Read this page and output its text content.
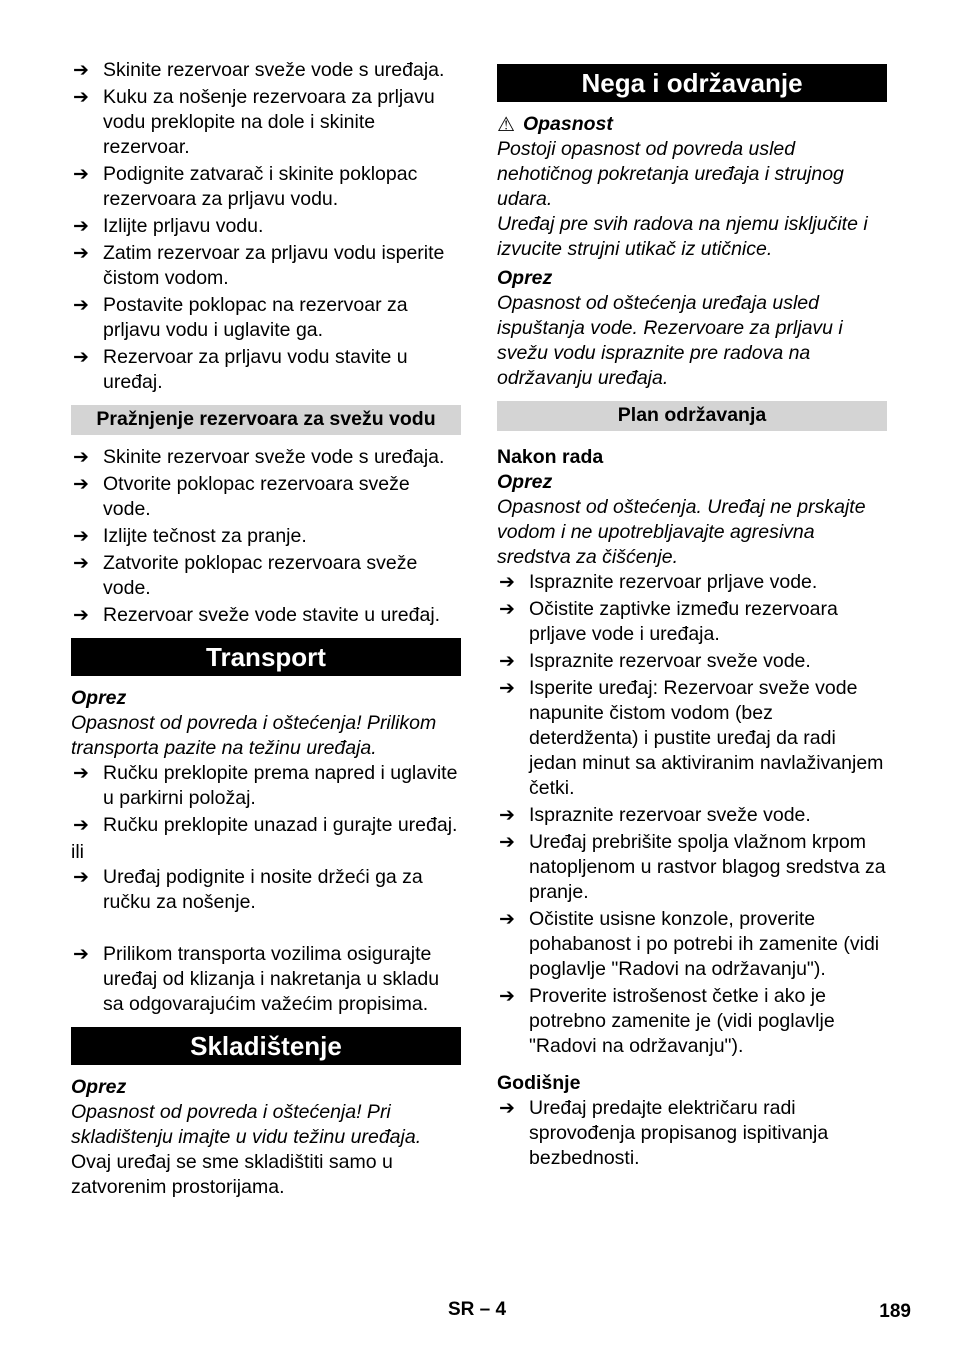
➔ Skinite rezervoar sveže vode s uređaja.
➔ Kuku za nošenje rezervoara za prljavu vodu preklopite na dole i skinite rezervoar.
➔ Podignite zatvarač i skinite poklopac rezervoara za prljavu vodu.
➔ Izlijte prljavu vodu.
➔ Zatim rezervoar za prljavu vodu isperite čistom vodom.
➔ Postavite poklopac na rezervoar za prljavu vodu i uglavite ga.
➔ Rezervoar za prljavu vodu stavite u uređaj.
Pražnjenje rezervoara za svežu vodu
➔ Skinite rezervoar sveže vode s uređaja.
➔ Otvorite poklopac rezervoara sveže vode.
➔ Izlijte tečnost za pranje.
➔ Zatvorite poklopac rezervoara sveže vode.
➔ Rezervoar sveže vode stavite u uređaj.
Transport

Oprez

Opasnost od povreda i oštećenja! Prilikom transporta pazite na težinu uređaja.

➔ Ručku preklopite prema napred i uglavite u parkirni položaj.
➔ Ručku preklopite unazad i gurajte uređaj.

ili

➔ Uređaj podignite i nosite držeći ga za ručku za nošenje.
➔ Prilikom transporta vozilima osigurajte uređaj od klizanja i nakretanja u skladu sa odgovarajućim važećim propisima.
Skladištenje

Oprez

Opasnost od povreda i oštećenja! Pri skladištenju imajte u vidu težinu uređaja.

Ovaj uređaj se sme skladištiti samo u zatvorenim prostorijama.

Nega i održavanje
⚠ Opasnost

Postoji opasnost od povreda usled nehotičnog pokretanja uređaja i strujnog udara.

Uređaj pre svih radova na njemu isključite i izvucite strujni utikač iz utičnice.

Oprez

Opasnost od oštećenja uređaja usled ispuštanja vode. Rezervoare za prljavu i svežu vodu ispraznite pre radova na održavanju uređaja.

Plan održavanja

Nakon rada

Oprez

Opasnost od oštećenja. Uređaj ne prskajte vodom i ne upotrebljavajte agresivna sredstva za čišćenje.

➔ Ispraznite rezervoar prljave vode.
➔ Očistite zaptivke između rezervoara prljave vode i uređaja.
➔ Ispraznite rezervoar sveže vode.
➔ Isperite uređaj: Rezervoar sveže vode napunite čistom vodom (bez deterdženta) i pustite uređaj da radi jedan minut sa aktiviranim navlaživanjem četki.
➔ Ispraznite rezervoar sveže vode.
➔ Uređaj prebrišite spolja vlažnom krpom natopljenom u rastvor blagog sredstva za pranje.
➔ Očistite usisne konzole, proverite pohabanost i po potrebi ih zamenite (vidi poglavlje "Radovi na održavanju").
➔ Proverite istrošenost četke i ako je potrebno zamenite je (vidi poglavlje "Radovi na održavanju").

Godišnje

➔ Uređaj predajte električaru radi sprovođenja propisanog ispitivanja bezbednosti.
SR – 4	189
